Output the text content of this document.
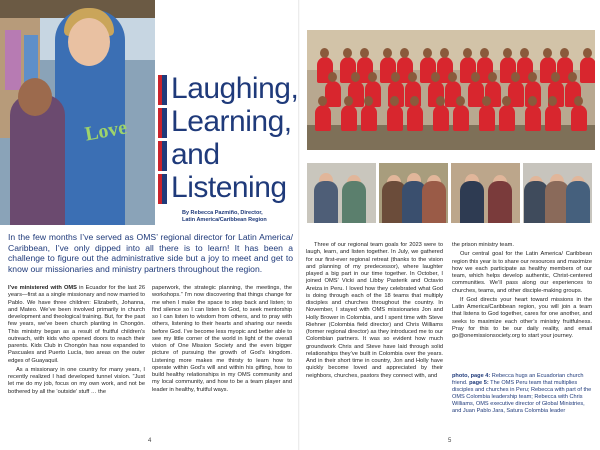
Love
Laughing,
Learning,
and
Listening
By Rebecca Pazmiño, Director,
Latin America/Caribbean Region
In the few months I’ve served as OMS’ regional director for Latin America/ Caribbean, I’ve only dipped into all there is to learn! It has been a challenge to figure out the administrative side but a joy to meet and get to know our missionaries and ministry partners throughout the region.

I’ve ministered with OMS in Ecuador for the last 26 years—first as a single missionary and now married to Pablo. We have three children: Elizabeth, Johanna, and Mateo. We’ve been involved primarily in church development and theological training. But, for the past few years, we’ve been church planting in Chongón. This ministry began as a result of fruitful children’s outreach, with kids who opened doors to reach their parents. Kids Club in Chongón has now expanded to Pascuales and Puerto Lucía, two areas on the outer edges of Guayaquil.

As a missionary in one country for many years, I recently realized I had developed tunnel vision. “Just let me do my job, focus on my own work, and not be bothered by all the ‘outside’ stuff … the

paperwork, the strategic planning, the meetings, the workshops.” I’m now discovering that things change for me when I make the space to step back and listen; to find silence so I can listen to God, to seek mentorship so I can listen to wisdom from others, and to pray with others, listening to their hearts and sharing our needs before God. I’ve become less myopic and better able to see my little corner of the world in light of the overall vision of One Mission Society and the even bigger picture of pursuing the growth of God’s kingdom. Listening more makes me thirsty to learn how to operate within God’s will and within his gifting, how to build healthy relationships in my OMS community and my local community, and how to be a team player and leader in healthy, fruitful ways.

4

Three of our regional team goals for 2023 were to laugh, learn, and listen together. In July, we gathered for our first-ever regional retreat (thanks to the vision and planning of my predecessor), where laughter played a big part in our time together. In October, I joined OMS’ Vicki and Libby Pasterik and Octavio Areiza in Peru. I loved how they celebrated what God is doing through each of the 18 teams that multiply disciples and churches throughout the country. In November, I stayed with OMS missionaries Jon and Holly Brower in Colombia, and I spent time with Steve Riehner (Colombia field director) and Chris Williams (former regional director) as they introduced me to our Colombian partners. It was so evident how much groundwork Chris and Steve have laid through solid relationships they’ve built in Colombia over the years. And in their short time in country, Jon and Holly have quickly become loved and appreciated by their neighbors, churches, pastors they connect with, and

the prison ministry team.

Our central goal for the Latin America/ Caribbean region this year is to share our resources and maximize how we each participate as healthy members of our team, which helps develop authentic, Christ-centered communities. We’ll pass along our experiences to churches, teams, and other disciple-making groups.

If God directs your heart toward missions in the Latin America/Caribbean region, you will join a team that listens to God together, cares for one another, and seeks to maximize each other’s ministry fruitfulness. Pray for this to be our daily reality, and email go@onemissionsociety.org to start your journey.

photo, page 4: Rebecca hugs an Ecuadorian church friend. page 5: The OMS Peru team that multiplies disciples and churches in Peru; Rebecca with part of the OMS Colombia leadership team; Rebecca with Chris Williams, OMS executive director of Global Ministries, and Juan Pablo Jara, Satura Colombia leader
5
